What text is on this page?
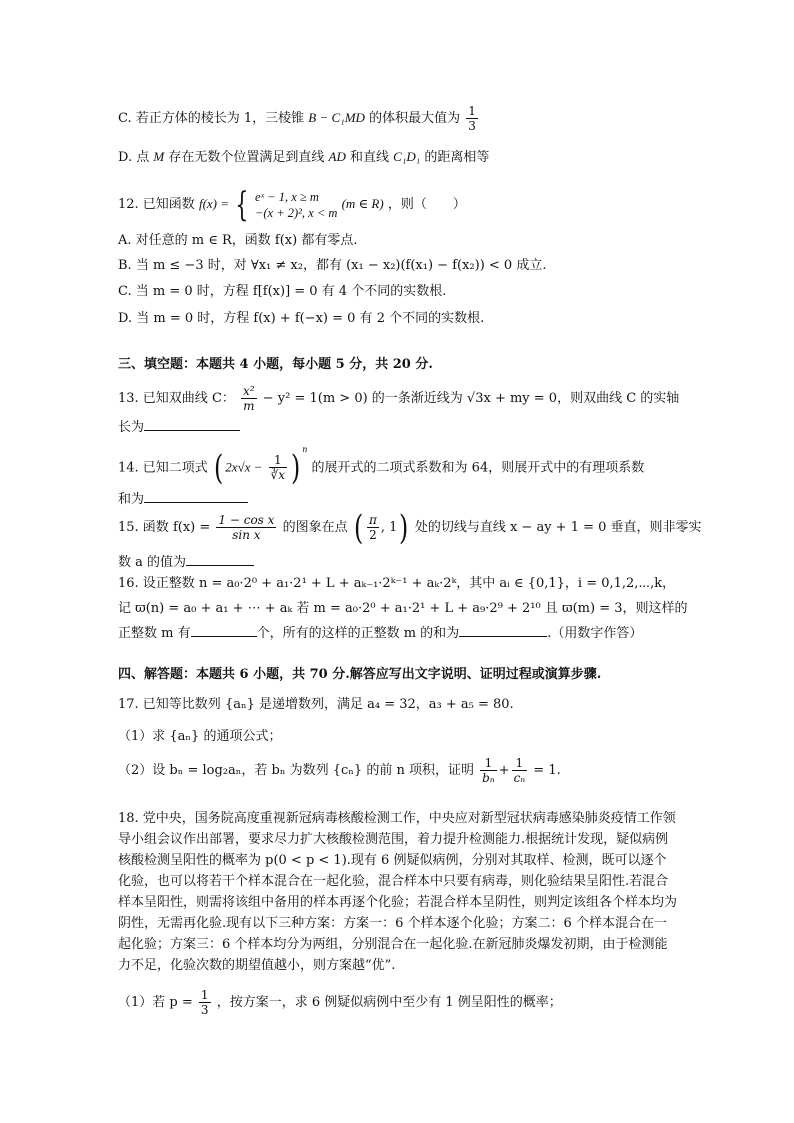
C. 若正方体的棱长为 1，三棱锥 B − C₁MD 的体积最大值为 $\frac{1}{3}$
D. 点 M 存在无数个位置满足到直线 AD 和直线 C₁D₁ 的距离相等
12. 已知函数 f(x) = { eˣ − 1, x ≥ m
−(x + 2)², x < m
(m ∈ R) ，则（　　）
A. 对任意的 m ∈ R，函数 f(x) 都有零点.
B. 当 m ≤ −3 时，对 ∀x₁ ≠ x₂，都有 (x₁ − x₂)(f(x₁) − f(x₂)) < 0 成立.
C. 当 m = 0 时，方程 f[f(x)] = 0 有 4 个不同的实数根.
D. 当 m = 0 时，方程 f(x) + f(−x) = 0 有 2 个不同的实数根.
三、填空题：本题共 4 小题，每小题 5 分，共 20 分.
13. 已知双曲线 C： $\frac{\text{x²}}{m} - y^2 = 1(m > 0)$ 的一条渐近线为 √3x + my = 0，则双曲线 C 的实轴
长为
14. 已知二项式 ( $2x√x - \frac{1}{∛x}$ ) $^n$ 的展开式的二项式系数和为 64，则展开式中的有理项系数
和为
15. 函数 $f(x) = \frac{\text{1 − cos x}}{\text{sin x}}$ 的图象在点 ( $\frac{\pi}{2}$ , 1) 处的切线与直线 x − ay + 1 = 0 垂直，则非零实
数 a 的值为
16. 设正整数 n = a₀·2⁰ + a₁·2¹ + L + aₖ₋₁·2ᵏ⁻¹ + aₖ·2ᵏ，其中 aᵢ ∈ {0,1}，i = 0,1,2,⋯,k，
记 ϖ(n) = a₀ + a₁ + ⋯ + aₖ 若 m = a₀·2⁰ + a₁·2¹ + L + a₉·2⁹ + 2¹⁰ 且 ϖ(m) = 3，则这样的
正整数 m 有	个，所有的这样的正整数 m 的和为	.（用数字作答）
四、解答题：本题共 6 小题，共 70 分.解答应写出文字说明、证明过程或演算步骤.
17. 已知等比数列 {aₙ} 是递增数列，满足 a₄ = 32，a₃ + a₅ = 80.
（1）求 {aₙ} 的通项公式；
（2）设 bₙ = log₂aₙ，若 bₙ 为数列 {cₙ} 的前 n 项积，证明 $\frac{1}{\text{bₙ}} + \frac{1}{\text{cₙ}} = 1$.
18. 党中央，国务院高度重视新冠病毒核酸检测工作，中央应对新型冠状病毒感染肺炎疫情工作领导小组会议作出部署，要求尽力扩大核酸检测范围，着力提升检测能力.根据统计发现，疑似病例核酸检测呈阳性的概率为 p(0 < p < 1).现有 6 例疑似病例，分别对其取样、检测，既可以逐个化验，也可以将若干个样本混合在一起化验，混合样本中只要有病毒，则化验结果呈阳性.若混合样本呈阳性，则需将该组中备用的样本再逐个化验；若混合样本呈阴性，则判定该组各个样本均为阴性，无需再化验.现有以下三种方案：方案一：6 个样本逐个化验；方案二：6 个样本混合在一起化验；方案三：6 个样本均分为两组，分别混合在一起化验.在新冠肺炎爆发初期，由于检测能力不足，化验次数的期望值越小，则方案越“优”.
（1）若 $p = \frac{1}{3}$ ，按方案一，求 6 例疑似病例中至少有 1 例呈阳性的概率；
